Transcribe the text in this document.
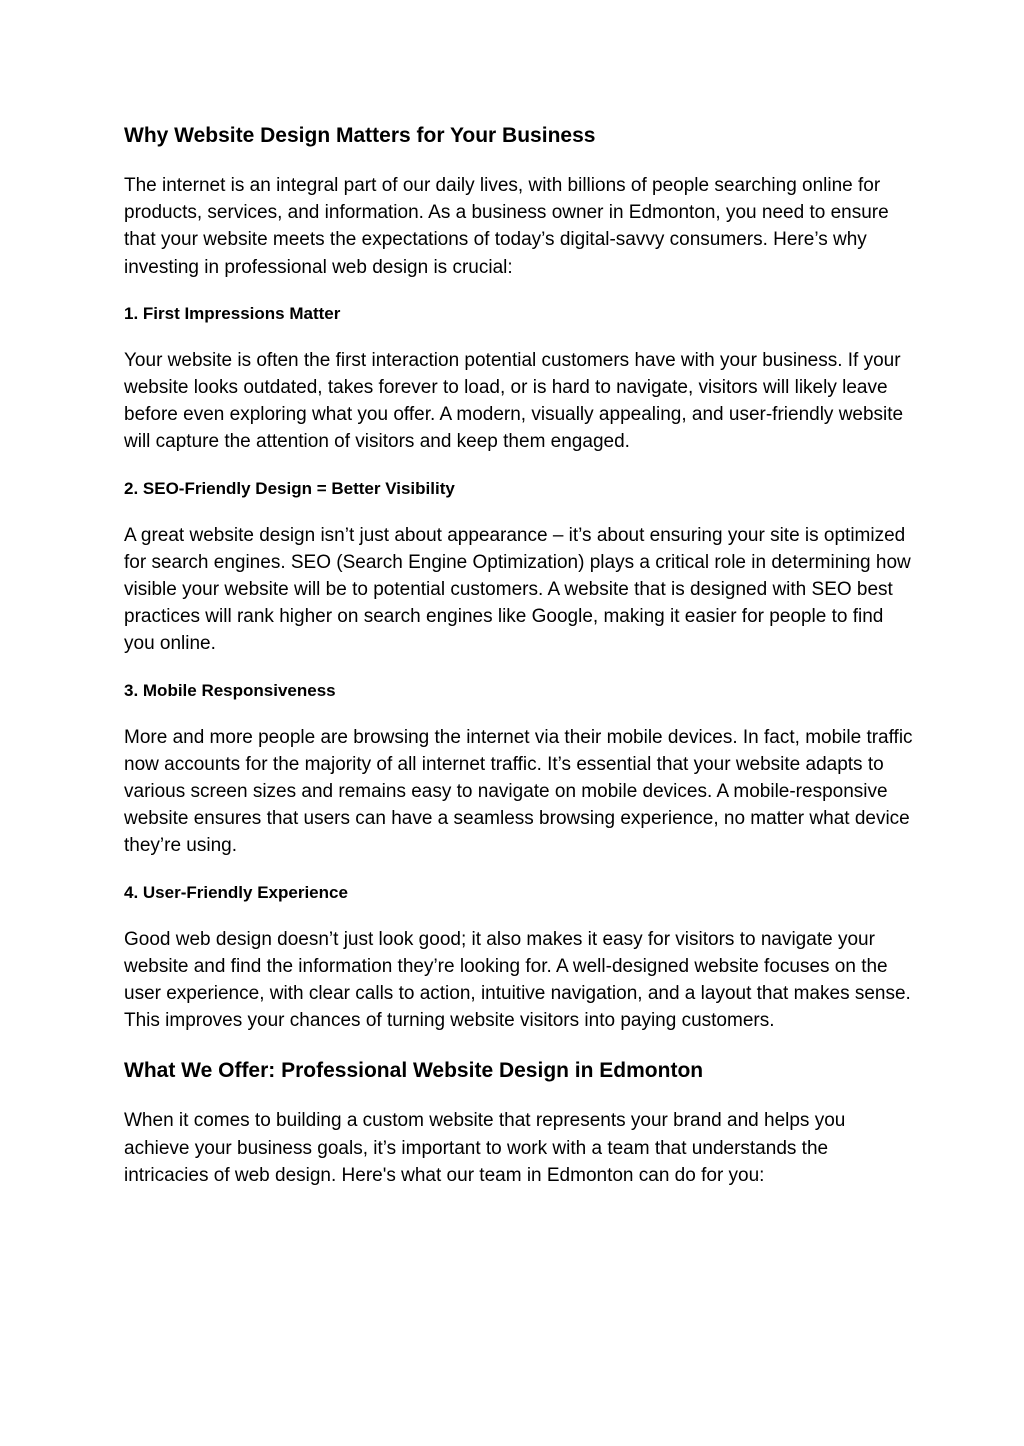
Why Website Design Matters for Your Business

The internet is an integral part of our daily lives, with billions of people searching online for products, services, and information. As a business owner in Edmonton, you need to ensure that your website meets the expectations of today’s digital-savvy consumers. Here’s why investing in professional web design is crucial:

1. First Impressions Matter

Your website is often the first interaction potential customers have with your business. If your website looks outdated, takes forever to load, or is hard to navigate, visitors will likely leave before even exploring what you offer. A modern, visually appealing, and user-friendly website will capture the attention of visitors and keep them engaged.

2. SEO-Friendly Design = Better Visibility

A great website design isn’t just about appearance – it’s about ensuring your site is optimized for search engines. SEO (Search Engine Optimization) plays a critical role in determining how visible your website will be to potential customers. A website that is designed with SEO best practices will rank higher on search engines like Google, making it easier for people to find you online.

3. Mobile Responsiveness

More and more people are browsing the internet via their mobile devices. In fact, mobile traffic now accounts for the majority of all internet traffic. It’s essential that your website adapts to various screen sizes and remains easy to navigate on mobile devices. A mobile-responsive website ensures that users can have a seamless browsing experience, no matter what device they’re using.

4. User-Friendly Experience

Good web design doesn’t just look good; it also makes it easy for visitors to navigate your website and find the information they’re looking for. A well-designed website focuses on the user experience, with clear calls to action, intuitive navigation, and a layout that makes sense. This improves your chances of turning website visitors into paying customers.

What We Offer: Professional Website Design in Edmonton

When it comes to building a custom website that represents your brand and helps you achieve your business goals, it’s important to work with a team that understands the intricacies of web design. Here's what our team in Edmonton can do for you:
